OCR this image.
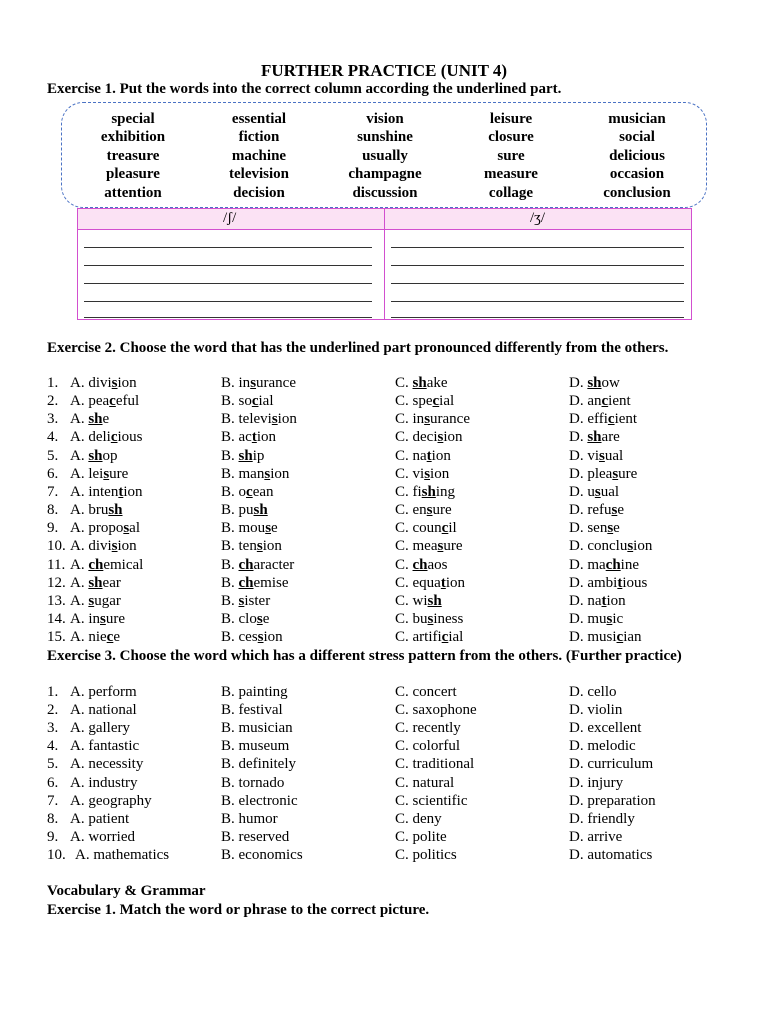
FURTHER PRACTICE (UNIT 4)
Exercise 1. Put the words into the correct column according the underlined part.
special	essential	vision	leisure	musician
exhibition	fiction	sunshine	closure	social
treasure	machine	usually	sure	delicious
pleasure	television	champagne	measure	occasion
attention	decision	discussion	collage	conclusion
/ʃ/	/ʒ/
Exercise 2. Choose the word that has the underlined part pronounced differently from the others.
1. A. division	B. insurance	C. shake	D. show
2. A. peaceful	B. social	C. special	D. ancient
3. A. she	B. television	C. insurance	D. efficient
4. A. delicious	B. action	C. decision	D. share
5. A. shop	B. ship	C. nation	D. visual
6. A. leisure	B. mansion	C. vision	D. pleasure
7. A. intention	B. ocean	C. fishing	D. usual
8. A. brush	B. push	C. ensure	D. refuse
9. A. proposal	B. mouse	C. council	D. sense
10. A. division	B. tension	C. measure	D. conclusion
11. A. chemical	B. character	C. chaos	D. machine
12. A. shear	B. chemise	C. equation	D. ambitious
13. A. sugar	B. sister	C. wish	D. nation
14. A. insure	B. close	C. business	D. music
15. A. niece	B. cession	C. artificial	D. musician
Exercise 3. Choose the word which has a different stress pattern from the others. (Further practice)
1. A. perform	B. painting	C. concert	D. cello
2. A. national	B. festival	C. saxophone	D. violin
3. A. gallery	B. musician	C. recently	D. excellent
4. A. fantastic	B. museum	C. colorful	D. melodic
5. A. necessity	B. definitely	C. traditional	D. curriculum
6. A. industry	B. tornado	C. natural	D. injury
7. A. geography	B. electronic	C. scientific	D. preparation
8. A. patient	B. humor	C. deny	D. friendly
9. A. worried	B. reserved	C. polite	D. arrive
10. A. mathematics	B. economics	C. politics	D. automatics
Vocabulary & Grammar
Exercise 1. Match the word or phrase to the correct picture.
